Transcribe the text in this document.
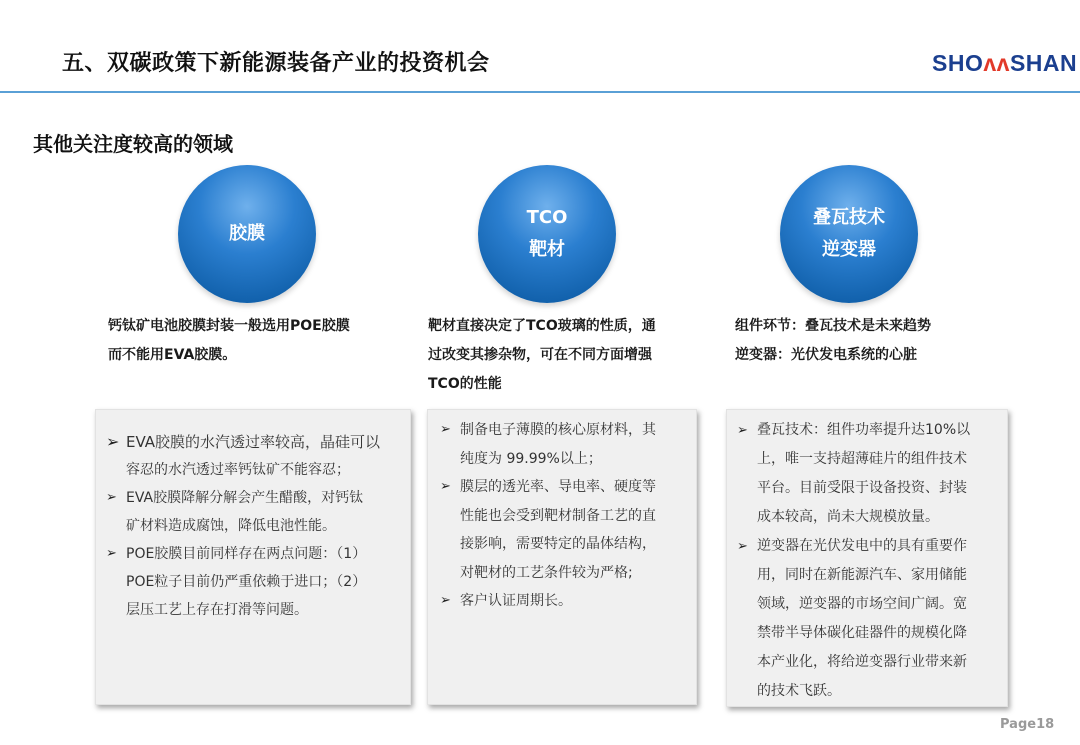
五、双碳政策下新能源装备产业的投资机会	SHOʌʌSHAN
其他关注度较高的领域
胶膜
钙钛矿电池胶膜封装一般选用POE胶膜
而不能用EVA胶膜。
➢ EVA胶膜的水汽透过率较高，晶硅可以
容忍的水汽透过率钙钛矿不能容忍；
➢ EVA胶膜降解分解会产生醋酸，对钙钛
矿材料造成腐蚀，降低电池性能。
➢ POE胶膜目前同样存在两点问题：（1）
POE粒子目前仍严重依赖于进口；（2）
层压工艺上存在打滑等问题。
TCO
靶材
靶材直接决定了TCO玻璃的性质，通
过改变其掺杂物，可在不同方面增强
TCO的性能
➢ 制备电子薄膜的核心原材料，其
纯度为 99.99%以上；
➢ 膜层的透光率、导电率、硬度等
性能也会受到靶材制备工艺的直
接影响，需要特定的晶体结构，
对靶材的工艺条件较为严格;
➢ 客户认证周期长。
叠瓦技术
逆变器
组件环节：叠瓦技术是未来趋势
逆变器：光伏发电系统的心脏
➢ 叠瓦技术：组件功率提升达10%以
上，唯一支持超薄硅片的组件技术
平台。目前受限于设备投资、封装
成本较高，尚未大规模放量。
➢ 逆变器在光伏发电中的具有重要作
用，同时在新能源汽车、家用储能
领域，逆变器的市场空间广阔。宽
禁带半导体碳化硅器件的规模化降
本产业化，将给逆变器行业带来新
的技术飞跃。
Page18
